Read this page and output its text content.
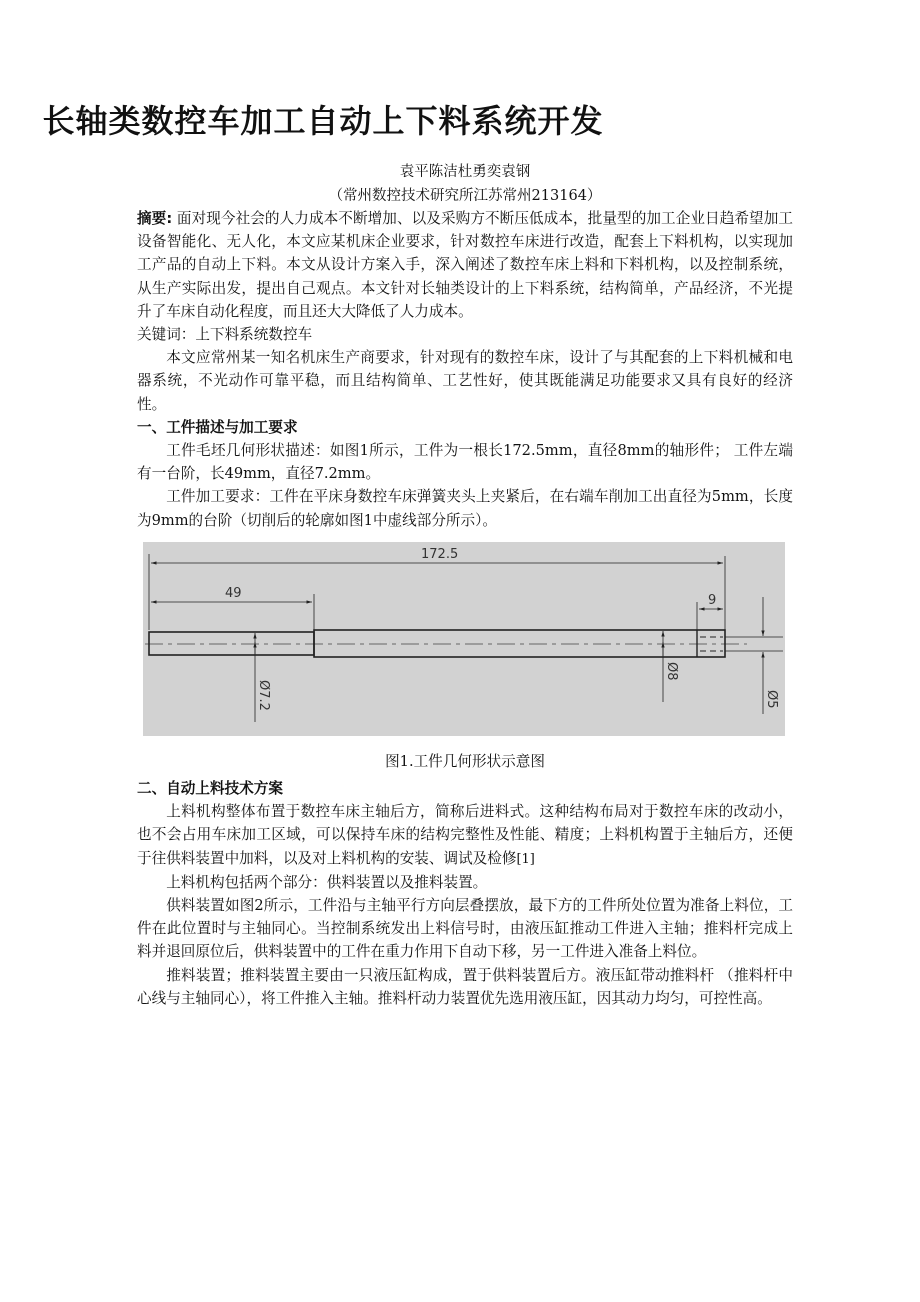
长轴类数控车加工自动上下料系统开发
袁平陈洁杜勇奕袁钢
（常州数控技术研究所江苏常州213164）

摘要: 面对现今社会的人力成本不断增加、以及采购方不断压低成本，批量型的加工企业日趋希望加工设备智能化、无人化，本文应某机床企业要求，针对数控车床进行改造，配套上下料机构，以实现加工产品的自动上下料。本文从设计方案入手，深入阐述了数控车床上料和下料机构，以及控制系统，从生产实际出发，提出自己观点。本文针对长轴类设计的上下料系统，结构简单，产品经济，不光提升了车床自动化程度，而且还大大降低了人力成本。

关键词：上下料系统数控车

本文应常州某一知名机床生产商要求，针对现有的数控车床，设计了与其配套的上下料机械和电器系统，不光动作可靠平稳，而且结构简单、工艺性好，使其既能满足功能要求又具有良好的经济性。

一、工件描述与加工要求

工件毛坯几何形状描述：如图1所示，工件为一根长172.5mm，直径8mm的轴形件； 工件左端有一台阶，长49mm，直径7.2mm。

工件加工要求：工件在平床身数控车床弹簧夹头上夹紧后，在右端车削加工出直径为5mm，长度为9mm的台阶（切削后的轮廓如图1中虚线部分所示）。

172.5
49	9
Ø7.2
Ø8
Ø5

图1.工件几何形状示意图

二、自动上料技术方案

上料机构整体布置于数控车床主轴后方，简称后进料式。这种结构布局对于数控车床的改动小，也不会占用车床加工区域，可以保持车床的结构完整性及性能、精度；上料机构置于主轴后方，还便于往供料装置中加料，以及对上料机构的安装、调试及检修[1]

上料机构包括两个部分：供料装置以及推料装置。

供料装置如图2所示，工件沿与主轴平行方向层叠摆放，最下方的工件所处位置为准备上料位，工件在此位置时与主轴同心。当控制系统发出上料信号时，由液压缸推动工件进入主轴；推料杆完成上料并退回原位后，供料装置中的工件在重力作用下自动下移，另一工件进入准备上料位。

推料装置；推料装置主要由一只液压缸构成，置于供料装置后方。液压缸带动推料杆 （推料杆中心线与主轴同心），将工件推入主轴。推料杆动力装置优先选用液压缸，因其动力均匀，可控性高。
